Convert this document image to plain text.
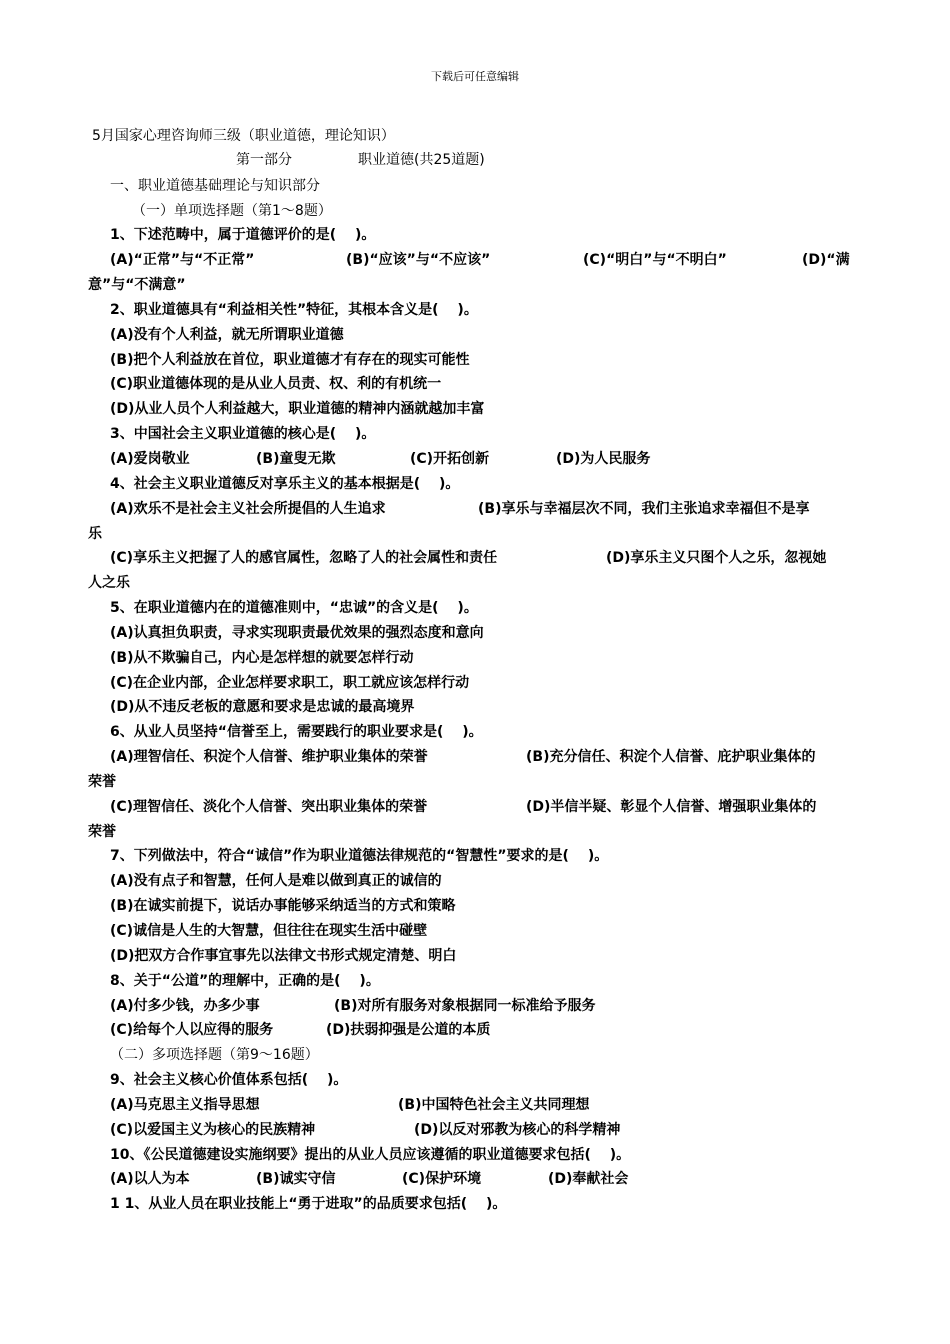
下载后可任意编辑
5月国家心理咨询师三级（职业道德，理论知识）
第一部分	职业道德(共25道题)
一、职业道德基础理论与知识部分
（一）单项选择题（第1～8题）
1、下述范畴中，属于道德评价的是(　 )。
(A)“正常”与“不正常”	(B)“应该”与“不应该”	(C)“明白”与“不明白”	(D)“满
意”与“不满意”
2、职业道德具有“利益相关性”特征，其根本含义是(　 )。
(A)没有个人利益，就无所谓职业道德
(B)把个人利益放在首位，职业道德才有存在的现实可能性
(C)职业道德体现的是从业人员责、权、利的有机统一
(D)从业人员个人利益越大，职业道德的精神内涵就越加丰富
3、中国社会主义职业道德的核心是(　 )。
(A)爱岗敬业	(B)童叟无欺	(C)开拓创新	(D)为人民服务
4、社会主义职业道德反对享乐主义的基本根据是(　 )。
(A)欢乐不是社会主义社会所提倡的人生追求	(B)享乐与幸福层次不同，我们主张追求幸福但不是享
乐
(C)享乐主义把握了人的感官属性，忽略了人的社会属性和责任	(D)享乐主义只图个人之乐，忽视她
人之乐
5、在职业道德内在的道德准则中，“忠诚”的含义是(　 )。
(A)认真担负职责，寻求实现职责最优效果的强烈态度和意向
(B)从不欺骗自己，内心是怎样想的就要怎样行动
(C)在企业内部，企业怎样要求职工，职工就应该怎样行动
(D)从不违反老板的意愿和要求是忠诚的最高境界
6、从业人员坚持“信誉至上，需要践行的职业要求是(　 )。
(A)理智信任、积淀个人信誉、维护职业集体的荣誉	(B)充分信任、积淀个人信誉、庇护职业集体的
荣誉
(C)理智信任、淡化个人信誉、突出职业集体的荣誉	(D)半信半疑、彰显个人信誉、增强职业集体的
荣誉
7、下列做法中，符合“诚信”作为职业道德法律规范的“智慧性”要求的是(　 )。
(A)没有点子和智慧，任何人是难以做到真正的诚信的
(B)在诚实前提下，说话办事能够采纳适当的方式和策略
(C)诚信是人生的大智慧，但往往在现实生活中碰壁
(D)把双方合作事宜事先以法律文书形式规定清楚、明白
8、关于“公道”的理解中，正确的是(　 )。
(A)付多少钱，办多少事	(B)对所有服务对象根据同一标准给予服务
(C)给每个人以应得的服务	(D)扶弱抑强是公道的本质
（二）多项选择题（第9～16题）
9、社会主义核心价值体系包括(　 )。
(A)马克思主义指导思想	(B)中国特色社会主义共同理想
(C)以爱国主义为核心的民族精神	(D)以反对邪教为核心的科学精神
10、《公民道德建设实施纲要》提出的从业人员应该遵循的职业道德要求包括(　 )。
(A)以人为本	(B)诚实守信	(C)保护环境	(D)奉献社会
1 1、从业人员在职业技能上“勇于进取”的品质要求包括(　 )。
